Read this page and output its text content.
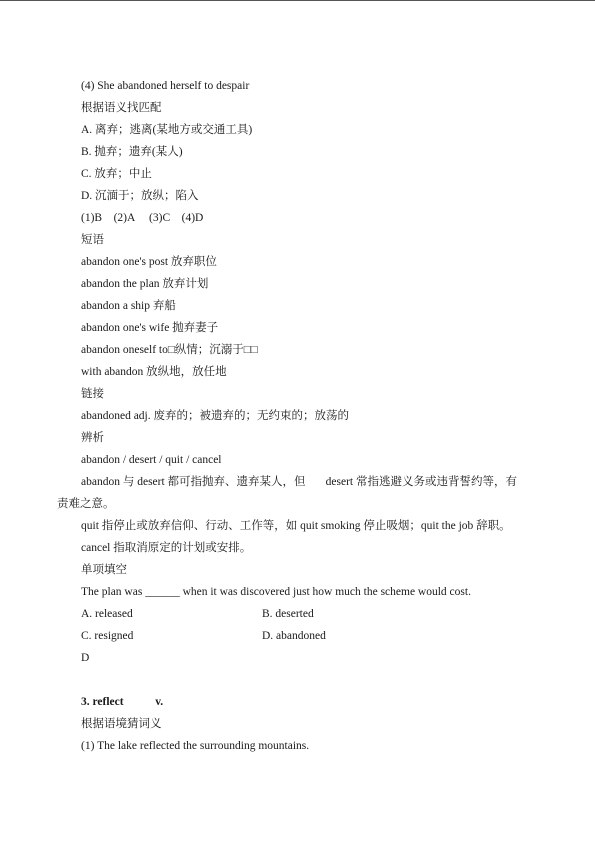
(4) She abandoned herself to despair
根据语义找匹配
A. 离弃；逃离(某地方或交通工具)
B. 抛弃；遗弃(某人)
C. 放弃；中止
D. 沉湎于；放纵；陷入
(1)B    (2)A     (3)C    (4)D
短语
abandon one's post 放弃职位
abandon the plan 放弃计划
abandon a ship 弃船
abandon one's wife 抛弃妻子
abandon oneself to□纵情；沉溺于□□
with abandon 放纵地，放任地
链接
abandoned adj. 废弃的；被遗弃的；无约束的；放荡的
辨析
abandon / desert / quit / cancel
abandon 与 desert 都可指抛弃、遗弃某人，但       desert 常指逃避义务或违背誓约等，有
责难之意。
quit 指停止或放弃信仰、行动、工作等，如 quit smoking 停止吸烟；quit the job 辞职。
cancel 指取消原定的计划或安排。
单项填空
The plan was ______ when it was discovered just how much the scheme would cost.
A. released	B. deserted
C. resigned	D. abandoned
D
3. reflect           v.
根据语境猜词义
(1) The lake reflected the surrounding mountains.
